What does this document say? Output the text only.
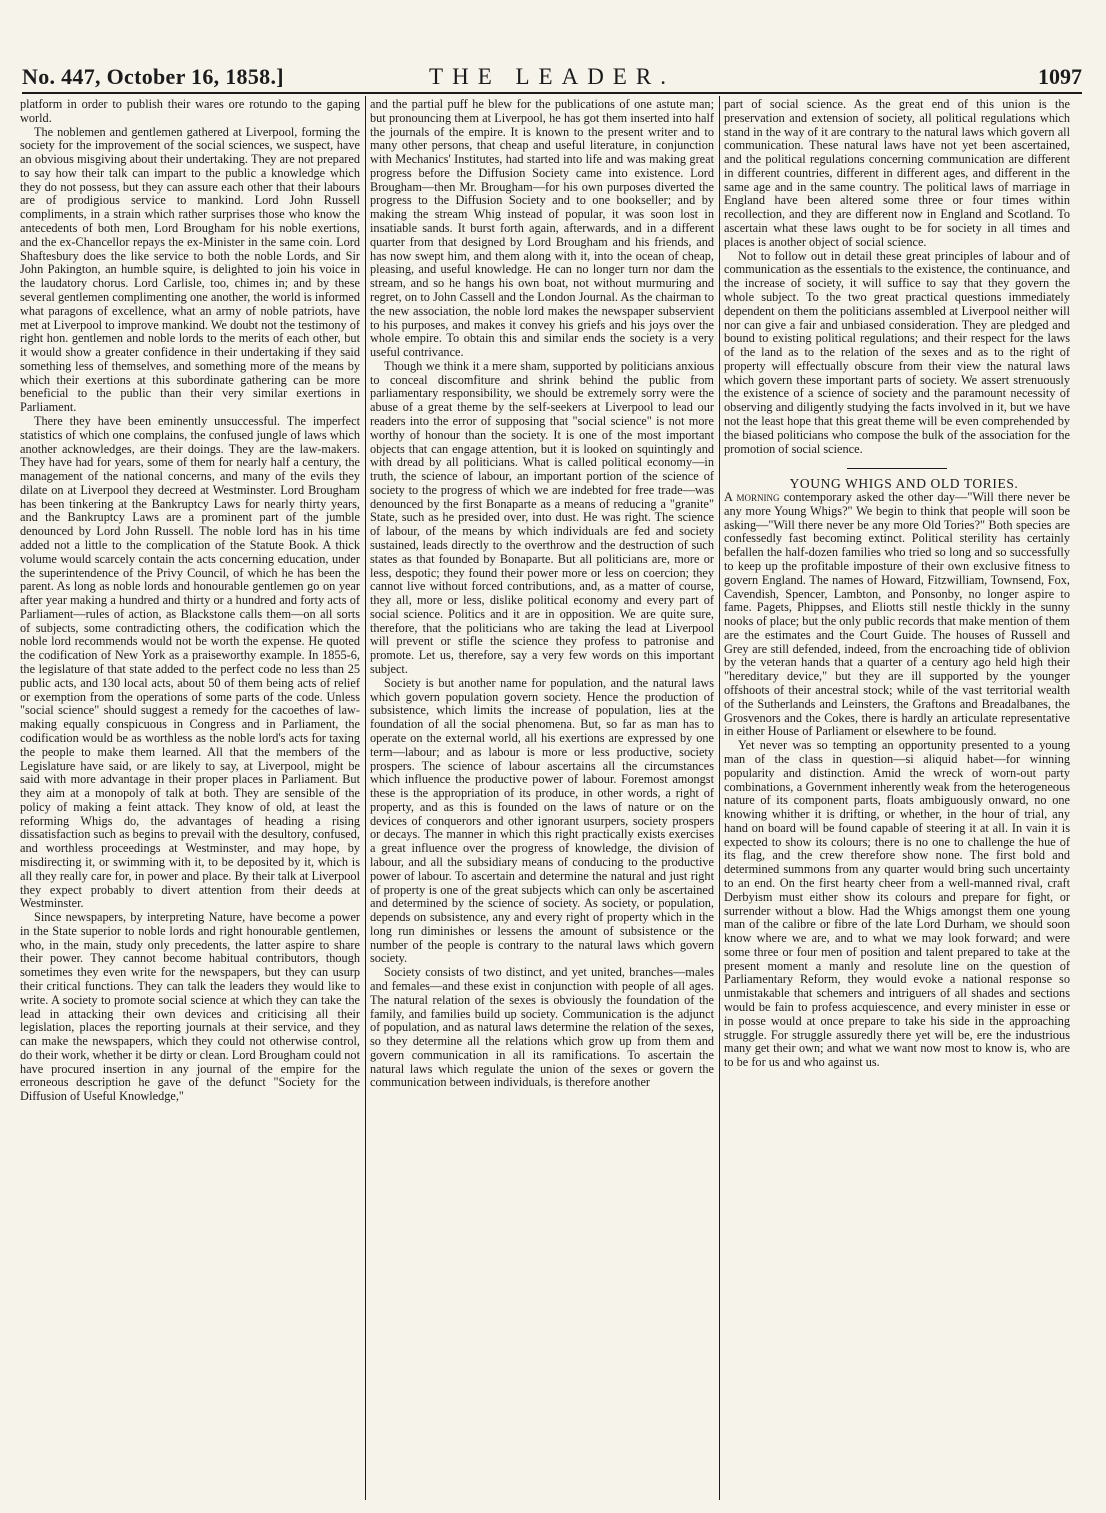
No. 447, October 16, 1858.]	THE LEADER.	1097

platform in order to publish their wares ore rotundo to the gaping world.

The noblemen and gentlemen gathered at Liverpool, forming the society for the improvement of the social sciences, we suspect, have an obvious misgiving about their undertaking. They are not prepared to say how their talk can impart to the public a knowledge which they do not possess, but they can assure each other that their labours are of prodigious service to mankind. Lord John Russell compliments, in a strain which rather surprises those who know the antecedents of both men, Lord Brougham for his noble exertions, and the ex-Chancellor repays the ex-Minister in the same coin. Lord Shaftesbury does the like service to both the noble Lords, and Sir John Pakington, an humble squire, is delighted to join his voice in the laudatory chorus. Lord Carlisle, too, chimes in; and by these several gentlemen complimenting one another, the world is informed what paragons of excellence, what an army of noble patriots, have met at Liverpool to improve mankind. We doubt not the testimony of right hon. gentlemen and noble lords to the merits of each other, but it would show a greater confidence in their undertaking if they said something less of themselves, and something more of the means by which their exertions at this subordinate gathering can be more beneficial to the public than their very similar exertions in Parliament.

There they have been eminently unsuccessful. The imperfect statistics of which one complains, the confused jungle of laws which another acknowledges, are their doings. They are the law-makers. They have had for years, some of them for nearly half a century, the management of the national concerns, and many of the evils they dilate on at Liverpool they decreed at Westminster. Lord Brougham has been tinkering at the Bankruptcy Laws for nearly thirty years, and the Bankruptcy Laws are a prominent part of the jumble denounced by Lord John Russell. The noble lord has in his time added not a little to the complication of the Statute Book. A thick volume would scarcely contain the acts concerning education, under the superintendence of the Privy Council, of which he has been the parent. As long as noble lords and honourable gentlemen go on year after year making a hundred and thirty or a hundred and forty acts of Parliament—rules of action, as Blackstone calls them—on all sorts of subjects, some contradicting others, the codification which the noble lord recommends would not be worth the expense. He quoted the codification of New York as a praiseworthy example. In 1855-6, the legislature of that state added to the perfect code no less than 25 public acts, and 130 local acts, about 50 of them being acts of relief or exemption from the operations of some parts of the code. Unless "social science" should suggest a remedy for the cacoethes of law-making equally conspicuous in Congress and in Parliament, the codification would be as worthless as the noble lord's acts for taxing the people to make them learned. All that the members of the Legislature have said, or are likely to say, at Liverpool, might be said with more advantage in their proper places in Parliament. But they aim at a monopoly of talk at both. They are sensible of the policy of making a feint attack. They know of old, at least the reforming Whigs do, the advantages of heading a rising dissatisfaction such as begins to prevail with the desultory, confused, and worthless proceedings at Westminster, and may hope, by misdirecting it, or swimming with it, to be deposited by it, which is all they really care for, in power and place. By their talk at Liverpool they expect probably to divert attention from their deeds at Westminster.

Since newspapers, by interpreting Nature, have become a power in the State superior to noble lords and right honourable gentlemen, who, in the main, study only precedents, the latter aspire to share their power. They cannot become habitual contributors, though sometimes they even write for the newspapers, but they can usurp their critical functions. They can talk the leaders they would like to write. A society to promote social science at which they can take the lead in attacking their own devices and criticising all their legislation, places the reporting journals at their service, and they can make the newspapers, which they could not otherwise control, do their work, whether it be dirty or clean. Lord Brougham could not have procured insertion in any journal of the empire for the erroneous description he gave of the defunct "Society for the Diffusion of Useful Knowledge,"

and the partial puff he blew for the publications of one astute man; but pronouncing them at Liverpool, he has got them inserted into half the journals of the empire. It is known to the present writer and to many other persons, that cheap and useful literature, in conjunction with Mechanics' Institutes, had started into life and was making great progress before the Diffusion Society came into existence. Lord Brougham—then Mr. Brougham—for his own purposes diverted the progress to the Diffusion Society and to one bookseller; and by making the stream Whig instead of popular, it was soon lost in insatiable sands. It burst forth again, afterwards, and in a different quarter from that designed by Lord Brougham and his friends, and has now swept him, and them along with it, into the ocean of cheap, pleasing, and useful knowledge. He can no longer turn nor dam the stream, and so he hangs his own boat, not without murmuring and regret, on to John Cassell and the London Journal. As the chairman to the new association, the noble lord makes the newspaper subservient to his purposes, and makes it convey his griefs and his joys over the whole empire. To obtain this and similar ends the society is a very useful contrivance.

Though we think it a mere sham, supported by politicians anxious to conceal discomfiture and shrink behind the public from parliamentary responsibility, we should be extremely sorry were the abuse of a great theme by the self-seekers at Liverpool to lead our readers into the error of supposing that "social science" is not more worthy of honour than the society. It is one of the most important objects that can engage attention, but it is looked on squintingly and with dread by all politicians. What is called political economy—in truth, the science of labour, an important portion of the science of society to the progress of which we are indebted for free trade—was denounced by the first Bonaparte as a means of reducing a "granite" State, such as he presided over, into dust. He was right. The science of labour, of the means by which individuals are fed and society sustained, leads directly to the overthrow and the destruction of such states as that founded by Bonaparte. But all politicians are, more or less, despotic; they found their power more or less on coercion; they cannot live without forced contributions, and, as a matter of course, they all, more or less, dislike political economy and every part of social science. Politics and it are in opposition. We are quite sure, therefore, that the politicians who are taking the lead at Liverpool will prevent or stifle the science they profess to patronise and promote. Let us, therefore, say a very few words on this important subject.

Society is but another name for population, and the natural laws which govern population govern society. Hence the production of subsistence, which limits the increase of population, lies at the foundation of all the social phenomena. But, so far as man has to operate on the external world, all his exertions are expressed by one term—labour; and as labour is more or less productive, society prospers. The science of labour ascertains all the circumstances which influence the productive power of labour. Foremost amongst these is the appropriation of its produce, in other words, a right of property, and as this is founded on the laws of nature or on the devices of conquerors and other ignorant usurpers, society prospers or decays. The manner in which this right practically exists exercises a great influence over the progress of knowledge, the division of labour, and all the subsidiary means of conducing to the productive power of labour. To ascertain and determine the natural and just right of property is one of the great subjects which can only be ascertained and determined by the science of society. As society, or population, depends on subsistence, any and every right of property which in the long run diminishes or lessens the amount of subsistence or the number of the people is contrary to the natural laws which govern society.

Society consists of two distinct, and yet united, branches—males and females—and these exist in conjunction with people of all ages. The natural relation of the sexes is obviously the foundation of the family, and families build up society. Communication is the adjunct of population, and as natural laws determine the relation of the sexes, so they determine all the relations which grow up from them and govern communication in all its ramifications. To ascertain the natural laws which regulate the union of the sexes or govern the communication between individuals, is therefore another

part of social science. As the great end of this union is the preservation and extension of society, all political regulations which stand in the way of it are contrary to the natural laws which govern all communication. These natural laws have not yet been ascertained, and the political regulations concerning communication are different in different countries, different in different ages, and different in the same age and in the same country. The political laws of marriage in England have been altered some three or four times within recollection, and they are different now in England and Scotland. To ascertain what these laws ought to be for society in all times and places is another object of social science.

Not to follow out in detail these great principles of labour and of communication as the essentials to the existence, the continuance, and the increase of society, it will suffice to say that they govern the whole subject. To the two great practical questions immediately dependent on them the politicians assembled at Liverpool neither will nor can give a fair and unbiased consideration. They are pledged and bound to existing political regulations; and their respect for the laws of the land as to the relation of the sexes and as to the right of property will effectually obscure from their view the natural laws which govern these important parts of society. We assert strenuously the existence of a science of society and the paramount necessity of observing and diligently studying the facts involved in it, but we have not the least hope that this great theme will be even comprehended by the biased politicians who compose the bulk of the association for the promotion of social science.

YOUNG WHIGS AND OLD TORIES.

A morning contemporary asked the other day—"Will there never be any more Young Whigs?" We begin to think that people will soon be asking—"Will there never be any more Old Tories?" Both species are confessedly fast becoming extinct. Political sterility has certainly befallen the half-dozen families who tried so long and so successfully to keep up the profitable imposture of their own exclusive fitness to govern England. The names of Howard, Fitzwilliam, Townsend, Fox, Cavendish, Spencer, Lambton, and Ponsonby, no longer aspire to fame. Pagets, Phippses, and Eliotts still nestle thickly in the sunny nooks of place; but the only public records that make mention of them are the estimates and the Court Guide. The houses of Russell and Grey are still defended, indeed, from the encroaching tide of oblivion by the veteran hands that a quarter of a century ago held high their "hereditary device," but they are ill supported by the younger offshoots of their ancestral stock; while of the vast territorial wealth of the Sutherlands and Leinsters, the Graftons and Breadalbanes, the Grosvenors and the Cokes, there is hardly an articulate representative in either House of Parliament or elsewhere to be found.

Yet never was so tempting an opportunity presented to a young man of the class in question—si aliquid habet—for winning popularity and distinction. Amid the wreck of worn-out party combinations, a Government inherently weak from the heterogeneous nature of its component parts, floats ambiguously onward, no one knowing whither it is drifting, or whether, in the hour of trial, any hand on board will be found capable of steering it at all. In vain it is expected to show its colours; there is no one to challenge the hue of its flag, and the crew therefore show none. The first bold and determined summons from any quarter would bring such uncertainty to an end. On the first hearty cheer from a well-manned rival, craft Derbyism must either show its colours and prepare for fight, or surrender without a blow. Had the Whigs amongst them one young man of the calibre or fibre of the late Lord Durham, we should soon know where we are, and to what we may look forward; and were some three or four men of position and talent prepared to take at the present moment a manly and resolute line on the question of Parliamentary Reform, they would evoke a national response so unmistakable that schemers and intriguers of all shades and sections would be fain to profess acquiescence, and every minister in esse or in posse would at once prepare to take his side in the approaching struggle. For struggle assuredly there yet will be, ere the industrious many get their own; and what we want now most to know is, who are to be for us and who against us.
